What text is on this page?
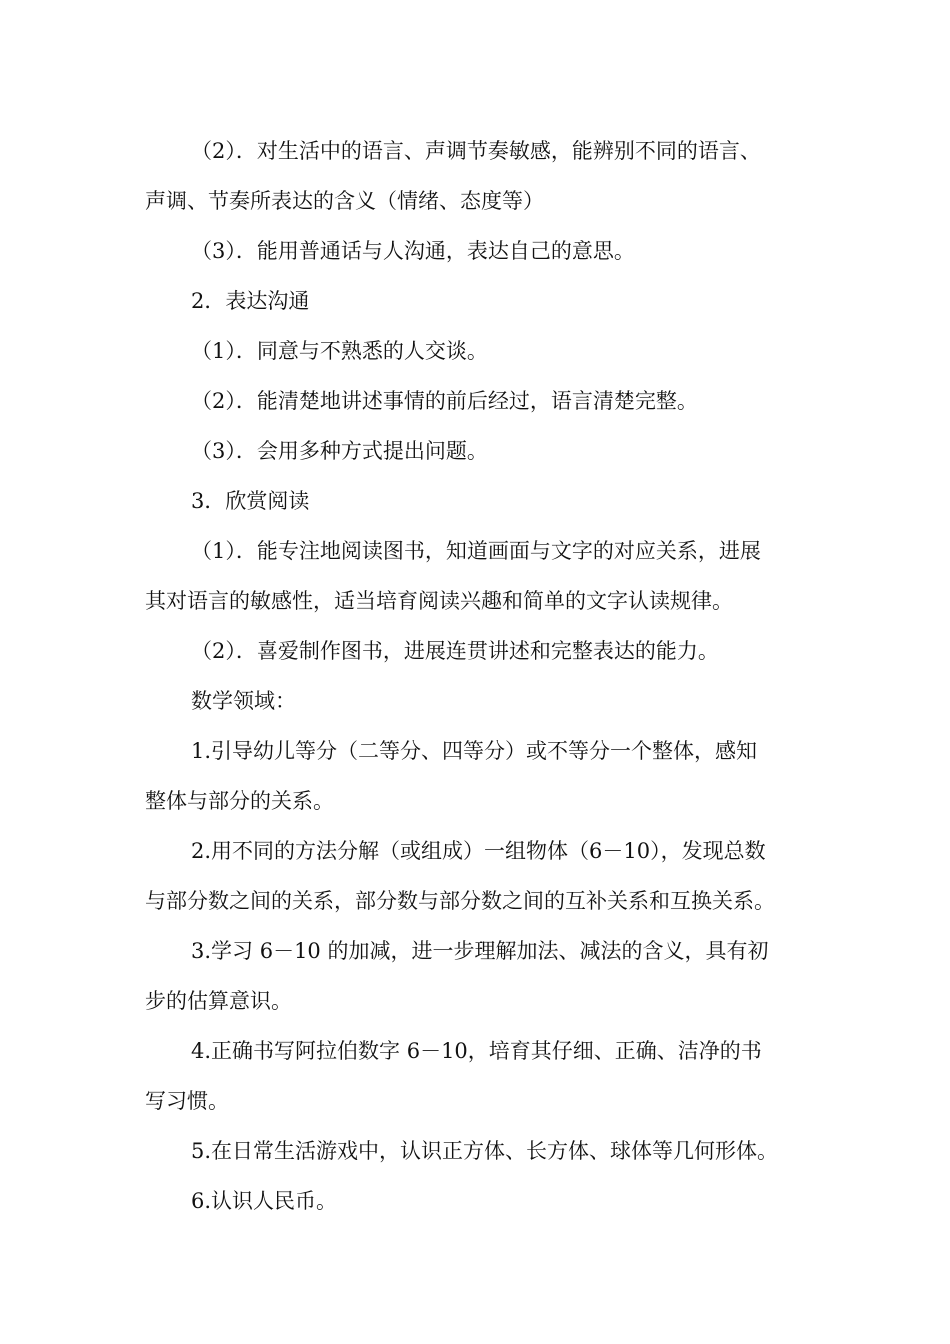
（2）．对生活中的语言、声调节奏敏感，能辨别不同的语言、
声调、节奏所表达的含义（情绪、态度等）
（3）．能用普通话与人沟通，表达自己的意思。
2．表达沟通
（1）．同意与不熟悉的人交谈。
（2）．能清楚地讲述事情的前后经过，语言清楚完整。
（3）．会用多种方式提出问题。
3．欣赏阅读
（1）．能专注地阅读图书，知道画面与文字的对应关系，进展
其对语言的敏感性，适当培育阅读兴趣和简单的文字认读规律。
（2）．喜爱制作图书，进展连贯讲述和完整表达的能力。
数学领域：
1.引导幼儿等分（二等分、四等分）或不等分一个整体，感知
整体与部分的关系。
2.用不同的方法分解（或组成）一组物体（6－10），发现总数
与部分数之间的关系，部分数与部分数之间的互补关系和互换关系。
3.学习 6－10 的加减，进一步理解加法、减法的含义，具有初
步的估算意识。
4.正确书写阿拉伯数字 6－10，培育其仔细、正确、洁净的书
写习惯。
5.在日常生活游戏中，认识正方体、长方体、球体等几何形体。
6.认识人民币。
